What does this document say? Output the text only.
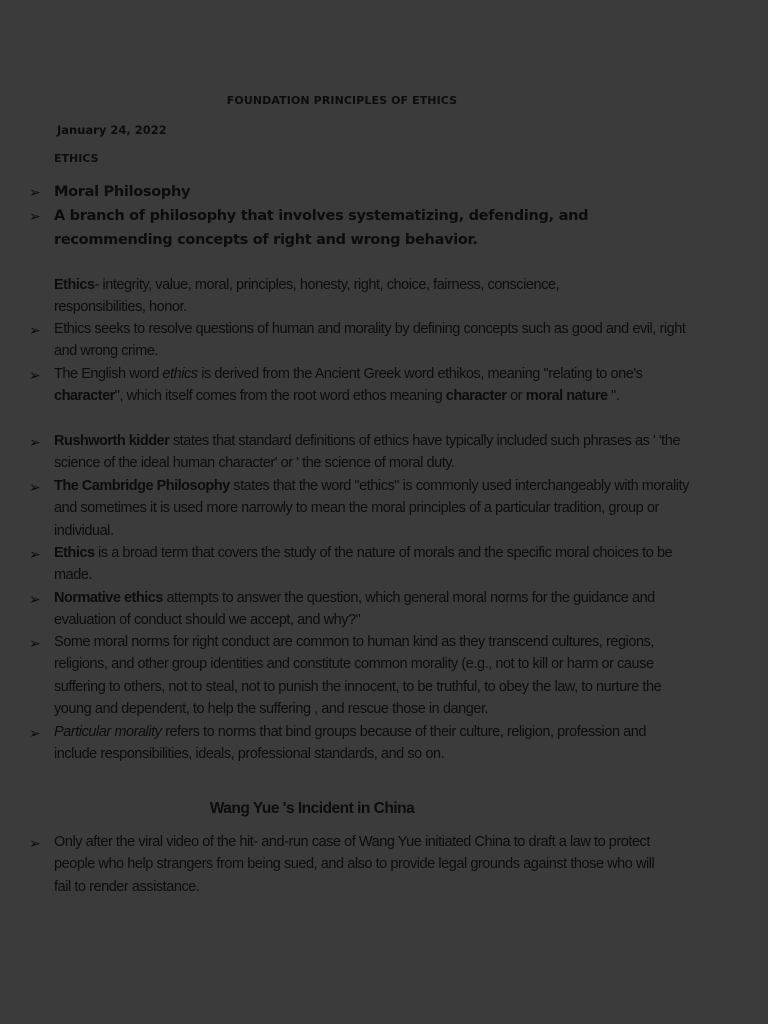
FOUNDATION PRINCIPLES OF ETHICS
January 24, 2022
ETHICS
➢ Moral Philosophy
➢ A branch of philosophy that involves systematizing, defending, and recommending concepts of right and wrong behavior.
Ethics- integrity, value, moral, principles, honesty, right, choice, fairness, conscience, responsibilities, honor.
➢ Ethics seeks to resolve questions of human and morality by defining concepts such as good and evil, right and wrong crime.
➢ The English word ethics is derived from the Ancient Greek word ethikos, meaning "relating to one's character", which itself comes from the root word ethos meaning character or moral nature ".
➢ Rushworth kidder states that standard definitions of ethics have typically included such phrases as ' 'the science of the ideal human character' or ' the science of moral duty.
➢ The Cambridge Philosophy states that the word "ethics" is commonly used interchangeably with morality and sometimes it is used more narrowly to mean the moral principles of a particular tradition, group or individual.
➢ Ethics is a broad term that covers the study of the nature of morals and the specific moral choices to be made.
➢ Normative ethics attempts to answer the question, which general moral norms for the guidance and evaluation of conduct should we accept, and why?"
➢ Some moral norms for right conduct are common to human kind as they transcend cultures, regions, religions, and other group identities and constitute common morality (e.g., not to kill or harm or cause suffering to others, not to steal, not to punish the innocent, to be truthful, to obey the law, to nurture the young and dependent, to help the suffering , and rescue those in danger.
➢ Particular morality refers to norms that bind groups because of their culture, religion, profession and include responsibilities, ideals, professional standards, and so on.
Wang Yue 's Incident in China
➢ Only after the viral video of the hit- and-run case of Wang Yue initiated China to draft a law to protect people who help strangers from being sued, and also to provide legal grounds against those who will fail to render assistance.
